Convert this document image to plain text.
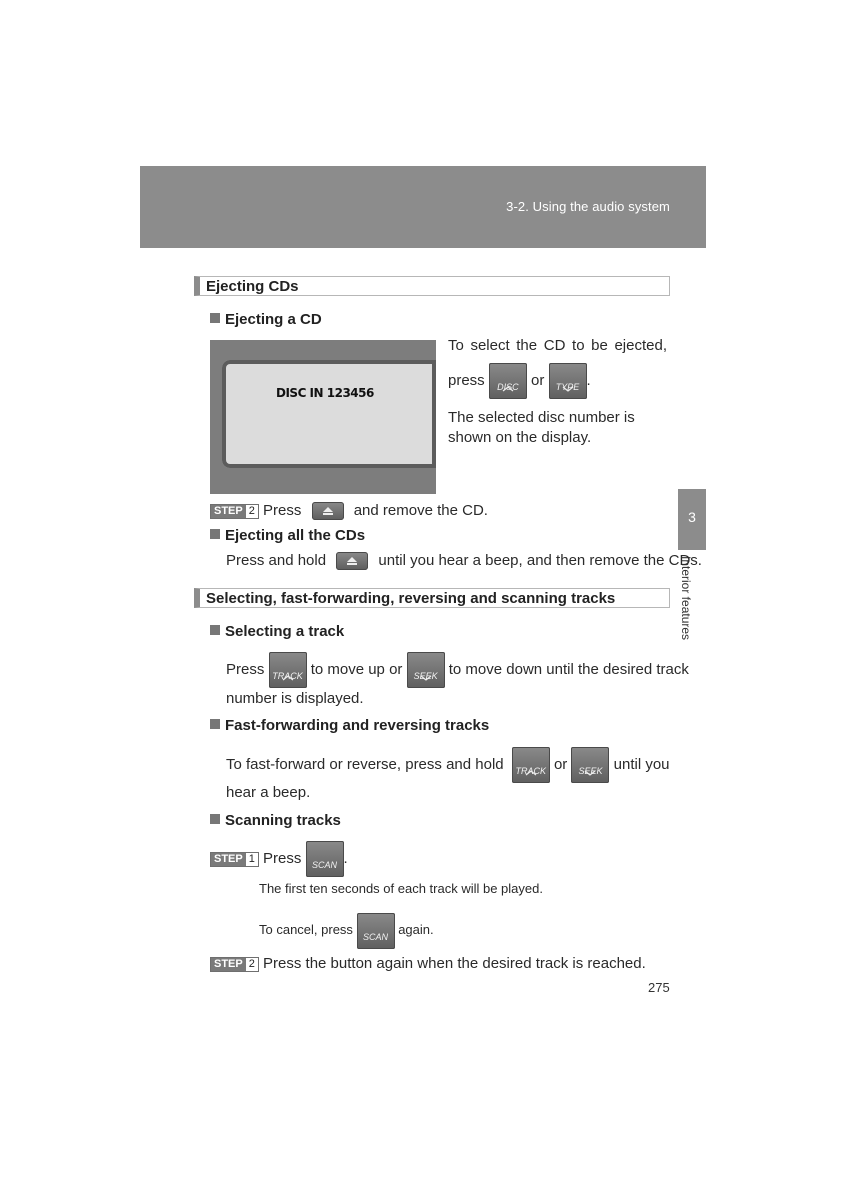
3-2. Using the audio system
3
Interior features
Ejecting CDs
Ejecting a CD
DISC IN 123456
To select the CD to be ejected,
press	DISC or	TYPE .
The selected disc number is shown on the display.
STEP 2 Press	and remove the CD.
Ejecting all the CDs
Press and hold	until you hear a beep, and then remove the CDs.
Selecting, fast-forwarding, reversing and scanning tracks
Selecting a track
Press TRACK to move up or	SEEK to move down until the desired track
number is displayed.
Fast-forwarding and reversing tracks
To fast-forward or reverse, press and hold	TRACK or	SEEK until you
hear a beep.
Scanning tracks
STEP 1 Press	SCAN .
The first ten seconds of each track will be played.
To cancel, press	SCAN again.
STEP 2 Press the button again when the desired track is reached.
275
